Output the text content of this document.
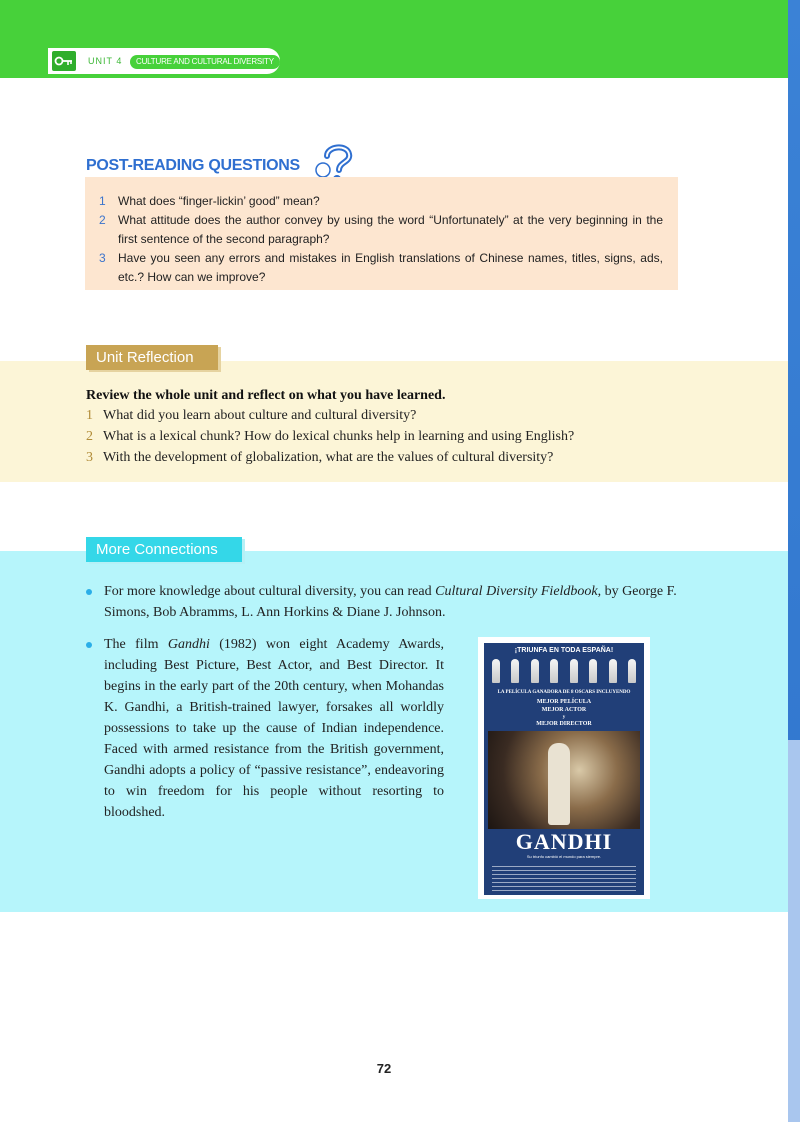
UNIT 4	CULTURE AND CULTURAL DIVERSITY
POST-READING QUESTIONS
1 What does “finger-lickin’ good” mean?
2 What attitude does the author convey by using the word “Unfortunately” at the very beginning in the first sentence of the second paragraph?
3 Have you seen any errors and mistakes in English translations of Chinese names, titles, signs, ads, etc.? How can we improve?
Unit Reflection
Review the whole unit and reflect on what you have learned.
1 What did you learn about culture and cultural diversity?
2 What is a lexical chunk? How do lexical chunks help in learning and using English?
3 With the development of globalization, what are the values of cultural diversity?
More Connections
For more knowledge about cultural diversity, you can read Cultural Diversity Fieldbook, by George F. Simons, Bob Abramms, L. Ann Horkins & Diane J. Johnson.
The film Gandhi (1982) won eight Academy Awards, including Best Picture, Best Actor, and Best Director. It begins in the early part of the 20th century, when Mohandas K. Gandhi, a British-trained lawyer, forsakes all worldly possessions to take up the cause of Indian independence. Faced with armed resistance from the British government, Gandhi adopts a policy of “passive resistance”, endeavoring to win freedom for his people without resorting to bloodshed.
¡TRIUNFA EN TODA ESPAÑA!
LA PELÍCULA GANADORA DE 8 OSCARS INCLUYENDO
MEJOR PELÍCULA
MEJOR ACTOR
y
MEJOR DIRECTOR
GANDHI
Su triunfo cambió el mundo para siempre.
72
